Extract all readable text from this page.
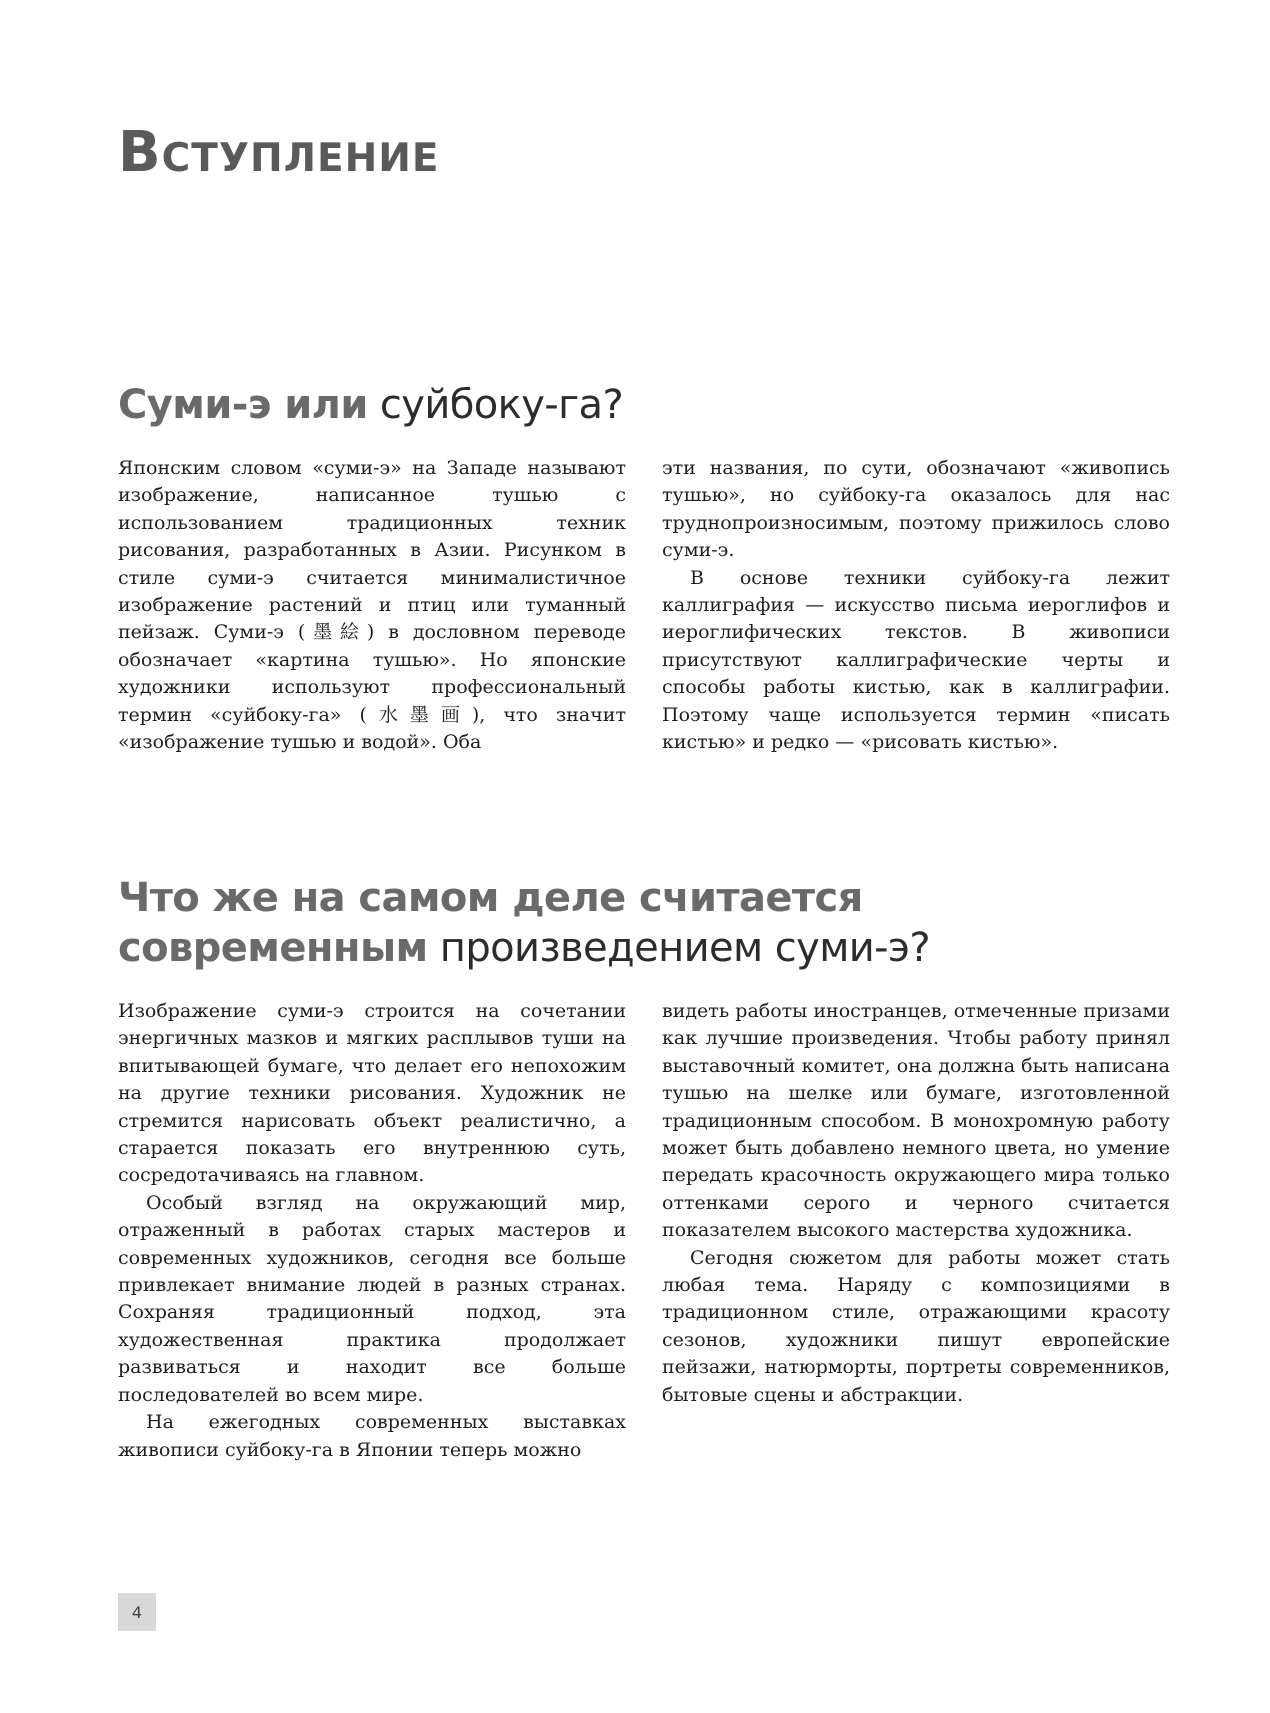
Вступление
Суми-э или суйбоку-га?

Японским словом «суми-э» на Западе называют изображение, написанное тушью с использованием традиционных техник рисования, разработанных в Азии. Рисунком в стиле суми-э считается минималистичное изображение растений и птиц или туманный пейзаж. Суми-э (墨絵) в дословном переводе обозначает «картина тушью». Но японские художники используют профессиональный термин «суйбоку-га» (水墨画), что значит «изображение тушью и водой». Оба

эти названия, по сути, обозначают «живопись тушью», но суйбоку-га оказалось для нас труднопроизносимым, поэтому прижилось слово суми-э.

В основе техники суйбоку-га лежит каллиграфия — искусство письма иероглифов и иероглифических текстов. В живописи присутствуют каллиграфические черты и способы работы кистью, как в каллиграфии. Поэтому чаще используется термин «писать кистью» и редко — «рисовать кистью».

Что же на самом деле считается
современным произведением суми-э?

Изображение суми-э строится на сочетании энергичных мазков и мягких расплывов туши на впитывающей бумаге, что делает его непохожим на другие техники рисования. Художник не стремится нарисовать объект реалистично, а старается показать его внутреннюю суть, сосредотачиваясь на главном.

Особый взгляд на окружающий мир, отраженный в работах старых мастеров и современных художников, сегодня все больше привлекает внимание людей в разных странах. Сохраняя традиционный подход, эта художественная практика продолжает развиваться и находит все больше последователей во всем мире.

На ежегодных современных выставках живописи суйбоку-га в Японии теперь можно

видеть работы иностранцев, отмеченные призами как лучшие произведения. Чтобы работу принял выставочный комитет, она должна быть написана тушью на шелке или бумаге, изготовленной традиционным способом. В монохромную работу может быть добавлено немного цвета, но умение передать красочность окружающего мира только оттенками серого и черного считается показателем высокого мастерства художника.

Сегодня сюжетом для работы может стать любая тема. Наряду с композициями в традиционном стиле, отражающими красоту сезонов, художники пишут европейские пейзажи, натюрморты, портреты современников, бытовые сцены и абстракции.

4
